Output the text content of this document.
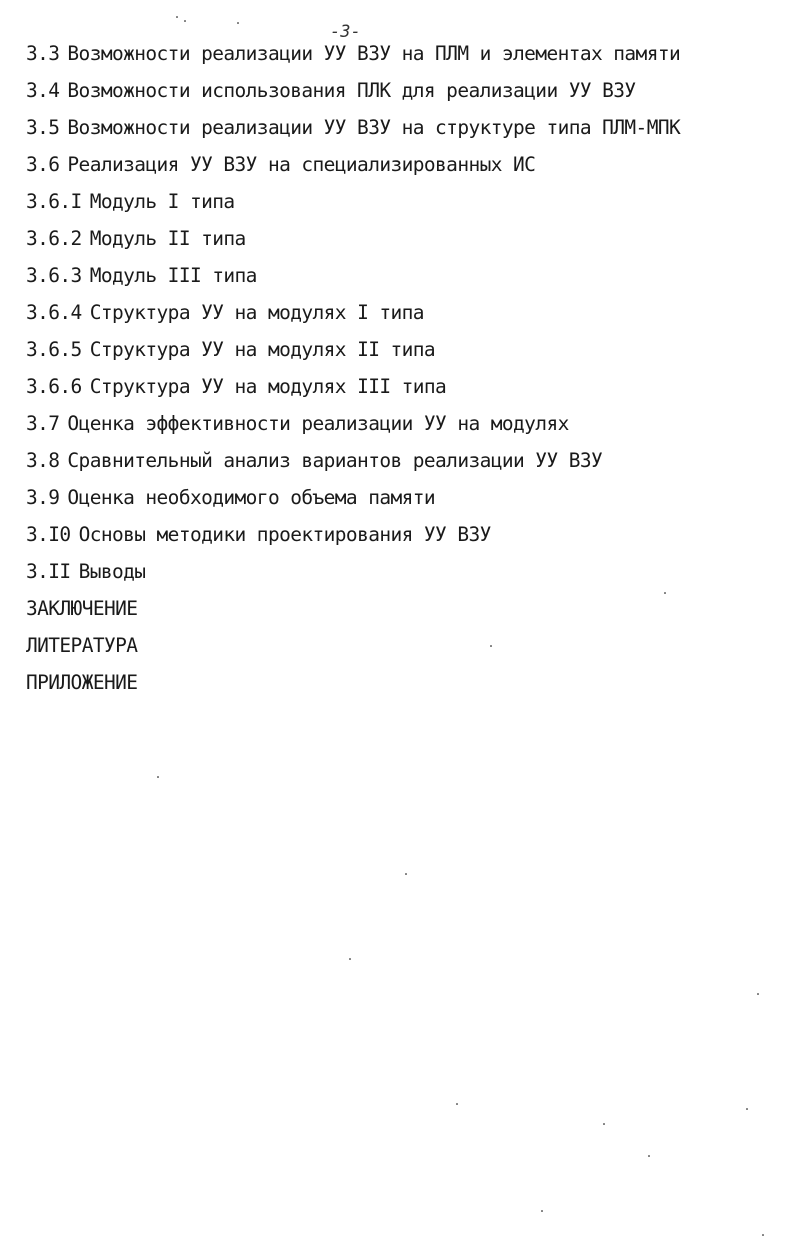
-3-
3.3 Возможности реализации УУ ВЗУ на ПЛМ и элементах памяти
3.4 Возможности использования ПЛК для реализации УУ ВЗУ
3.5 Возможности реализации УУ ВЗУ на структуре типа ПЛМ-МПК
3.6 Реализация УУ ВЗУ на специализированных ИС
3.6.I Модуль I типа
3.6.2 Модуль II типа
3.6.3 Модуль III типа
3.6.4 Структура УУ на модулях I типа
3.6.5 Структура УУ на модулях II типа
3.6.6 Структура УУ на модулях III типа
3.7 Оценка эффективности реализации УУ на модулях
3.8 Сравнительный анализ вариантов реализации УУ ВЗУ
3.9 Оценка необходимого объема памяти
3.I0 Основы методики проектирования УУ ВЗУ
3.II Выводы
ЗАКЛЮЧЕНИЕ
ЛИТЕРАТУРА
ПРИЛОЖЕНИЕ
